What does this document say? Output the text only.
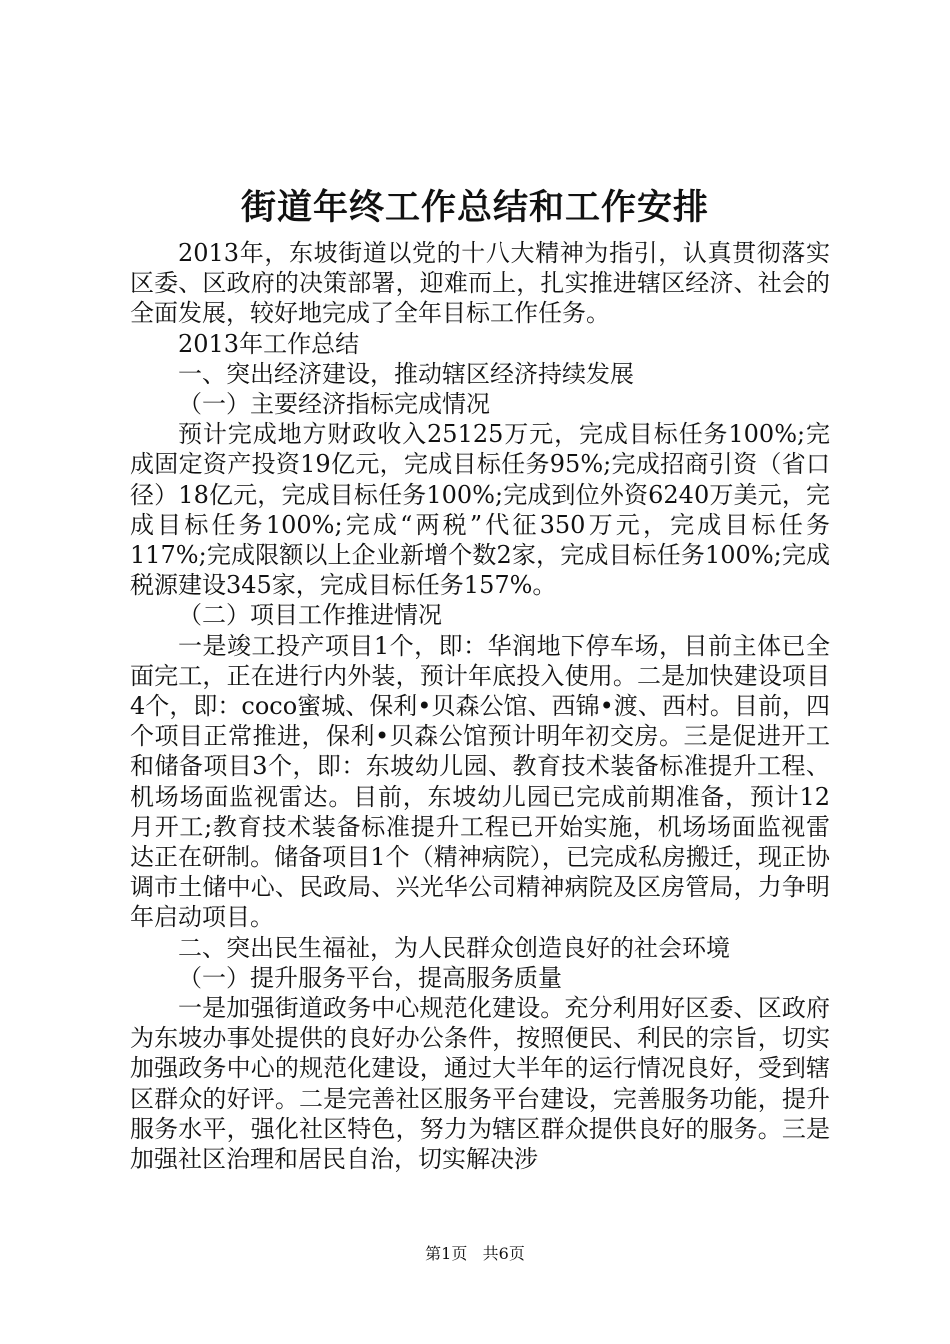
街道年终工作总结和工作安排

2013年，东坡街道以党的十八大精神为指引，认真贯彻落实区委、区政府的决策部署，迎难而上，扎实推进辖区经济、社会的全面发展，较好地完成了全年目标工作任务。

2013年工作总结

一、突出经济建设，推动辖区经济持续发展

（一）主要经济指标完成情况

预计完成地方财政收入25125万元，完成目标任务100%;完成固定资产投资19亿元，完成目标任务95%;完成招商引资（省口径）18亿元，完成目标任务100%;完成到位外资6240万美元，完成目标任务100%;完成“两税”代征350万元，完成目标任务117%;完成限额以上企业新增个数2家，完成目标任务100%;完成税源建设345家，完成目标任务157%。

（二）项目工作推进情况

一是竣工投产项目1个，即：华润地下停车场，目前主体已全面完工，正在进行内外装，预计年底投入使用。二是加快建设项目4个，即：coco蜜城、保利•贝森公馆、西锦•渡、西村。目前，四个项目正常推进，保利•贝森公馆预计明年初交房。三是促进开工和储备项目3个，即：东坡幼儿园、教育技术装备标准提升工程、机场场面监视雷达。目前，东坡幼儿园已完成前期准备，预计12月开工;教育技术装备标准提升工程已开始实施，机场场面监视雷达正在研制。储备项目1个（精神病院），已完成私房搬迁，现正协调市土储中心、民政局、兴光华公司精神病院及区房管局，力争明年启动项目。

二、突出民生福祉，为人民群众创造良好的社会环境

（一）提升服务平台，提高服务质量

一是加强街道政务中心规范化建设。充分利用好区委、区政府为东坡办事处提供的良好办公条件，按照便民、利民的宗旨，切实加强政务中心的规范化建设，通过大半年的运行情况良好，受到辖区群众的好评。二是完善社区服务平台建设，完善服务功能，提升服务水平，强化社区特色，努力为辖区群众提供良好的服务。三是加强社区治理和居民自治，切实解决涉

第1页 共6页
